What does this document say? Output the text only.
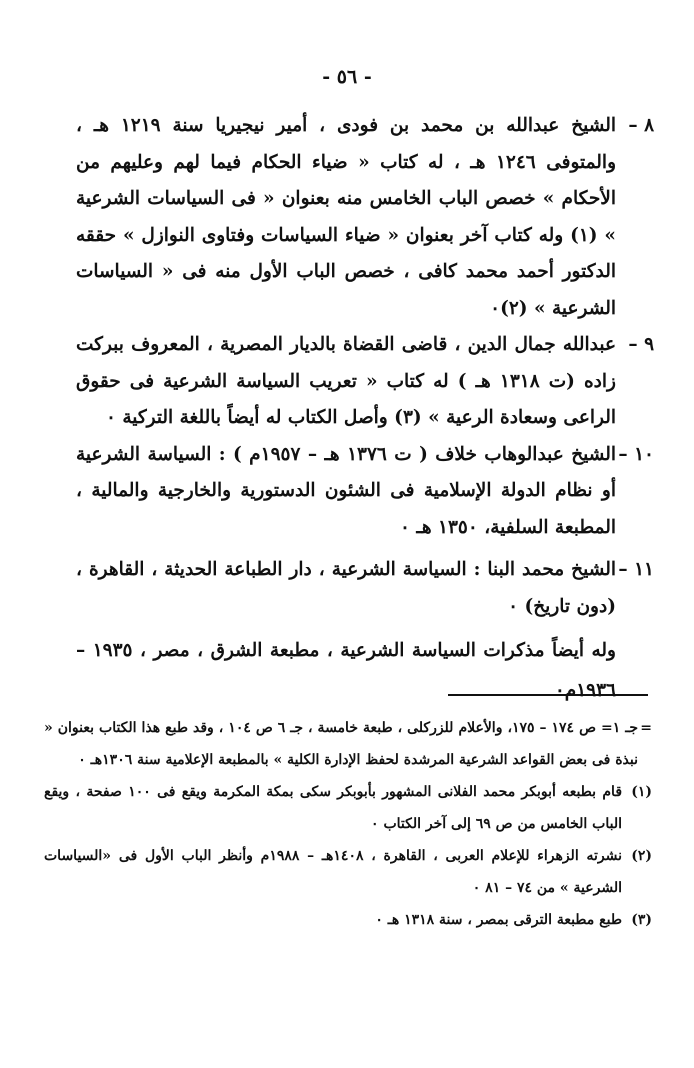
- ٥٦ -
٨ –
الشيخ عبدالله بن محمد بن فودى ، أمير نيجيريا سنة ١٢١٩ هـ ، والمتوفى ١٢٤٦ هـ ، له كتاب « ضياء الحكام فيما لهم وعليهم من الأحكام » خصص الباب الخامس منه بعنوان « فى السياسات الشرعية » (١) وله كتاب آخر بعنوان « ضياء السياسات وفتاوى النوازل » حققه الدكتور أحمد محمد كافى ، خصص الباب الأول منه فى « السياسات الشرعية » (٢)٠
٩ –
عبدالله جمال الدين ، قاضى القضاة بالديار المصرية ، المعروف ببركت زاده (ت ١٣١٨ هـ ) له كتاب « تعريب السياسة الشرعية فى حقوق الراعى وسعادة الرعية » (٣) وأصل الكتاب له أيضاً باللغة التركية ٠
١٠ –
الشيخ عبدالوهاب خلاف ( ت ١٣٧٦ هـ – ١٩٥٧م ) : السياسة الشرعية أو نظام الدولة الإسلامية فى الشئون الدستورية والخارجية والمالية ، المطبعة السلفية، ١٣٥٠ هـ ٠
١١ –
الشيخ محمد البنا : السياسة الشرعية ، دار الطباعة الحديثة ، القاهرة ، (دون تاريخ) ٠
وله أيضاً مذكرات السياسة الشرعية ، مطبعة الشرق ، مصر ، ١٩٣٥ – ١٩٣٦م٠
=
جـ ١= ص ١٧٤ – ١٧٥، والأعلام للزركلى ، طبعة خامسة ، جـ ٦ ص ١٠٤ ، وقد طبع هذا الكتاب بعنوان « نبذة فى بعض القواعد الشرعية المرشدة لحفظ الإدارة الكلية » بالمطبعة الإعلامية سنة ١٣٠٦هـ ٠
(١)
قام بطبعه أبوبكر محمد الفلانى المشهور بأبوبكر سكى بمكة المكرمة ويقع فى ١٠٠ صفحة ، ويقع الباب الخامس من ص ٦٩ إلى آخر الكتاب ٠
(٢)
نشرته الزهراء للإعلام العربى ، القاهرة ، ١٤٠٨هـ – ١٩٨٨م وأنظر الباب الأول فى «السياسات الشرعية » من ٧٤ – ٨١ ٠
(٣)
طبع مطبعة الترقى بمصر ، سنة ١٣١٨ هـ ٠
